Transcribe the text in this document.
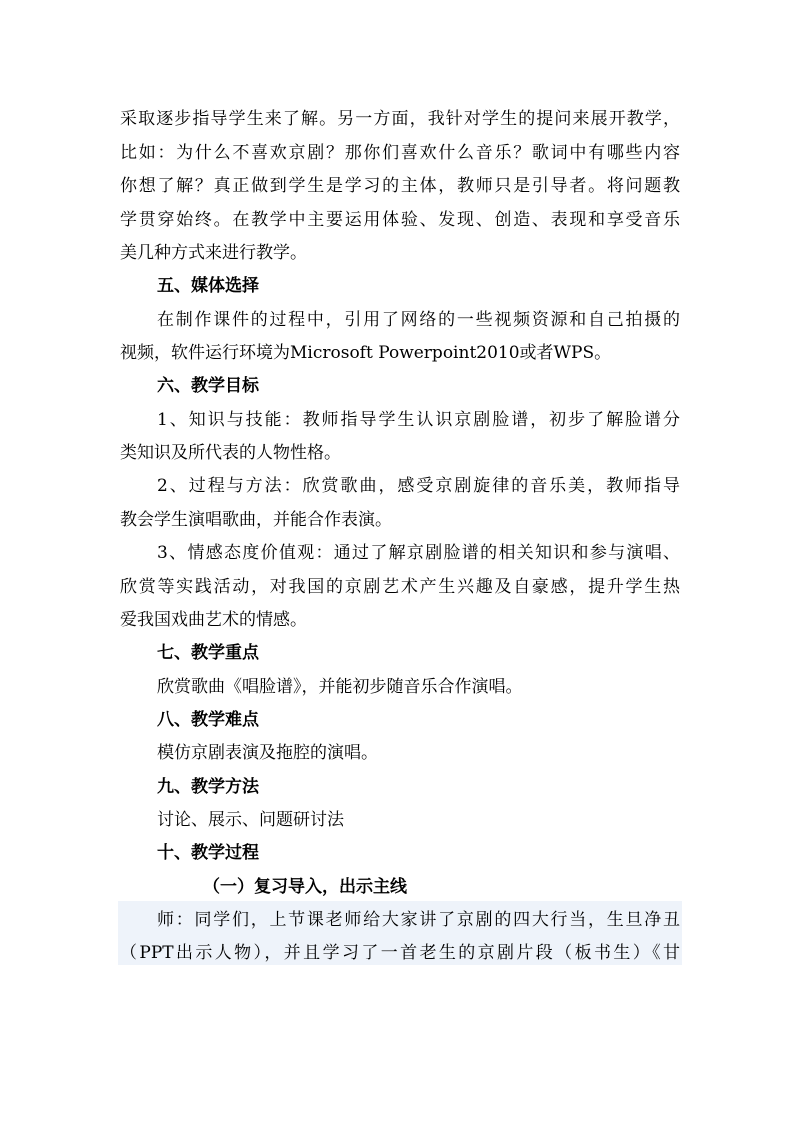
采取逐步指导学生来了解。另一方面，我针对学生的提问来展开教学，
比如：为什么不喜欢京剧？那你们喜欢什么音乐？歌词中有哪些内容
你想了解？真正做到学生是学习的主体，教师只是引导者。将问题教
学贯穿始终。在教学中主要运用体验、发现、创造、表现和享受音乐
美几种方式来进行教学。
五、媒体选择
在制作课件的过程中，引用了网络的一些视频资源和自己拍摄的
视频，软件运行环境为Microsoft Powerpoint2010或者WPS。
六、教学目标
1、知识与技能：教师指导学生认识京剧脸谱，初步了解脸谱分
类知识及所代表的人物性格。
2、过程与方法：欣赏歌曲，感受京剧旋律的音乐美，教师指导
教会学生演唱歌曲，并能合作表演。
3、情感态度价值观：通过了解京剧脸谱的相关知识和参与演唱、
欣赏等实践活动，对我国的京剧艺术产生兴趣及自豪感，提升学生热
爱我国戏曲艺术的情感。
七、教学重点
欣赏歌曲《唱脸谱》，并能初步随音乐合作演唱。
八、教学难点
模仿京剧表演及拖腔的演唱。
九、教学方法
讨论、展示、问题研讨法
十、教学过程
（一）复习导入，出示主线
师：同学们，上节课老师给大家讲了京剧的四大行当，生旦净丑
（PPT出示人物），并且学习了一首老生的京剧片段（板书生）《甘
